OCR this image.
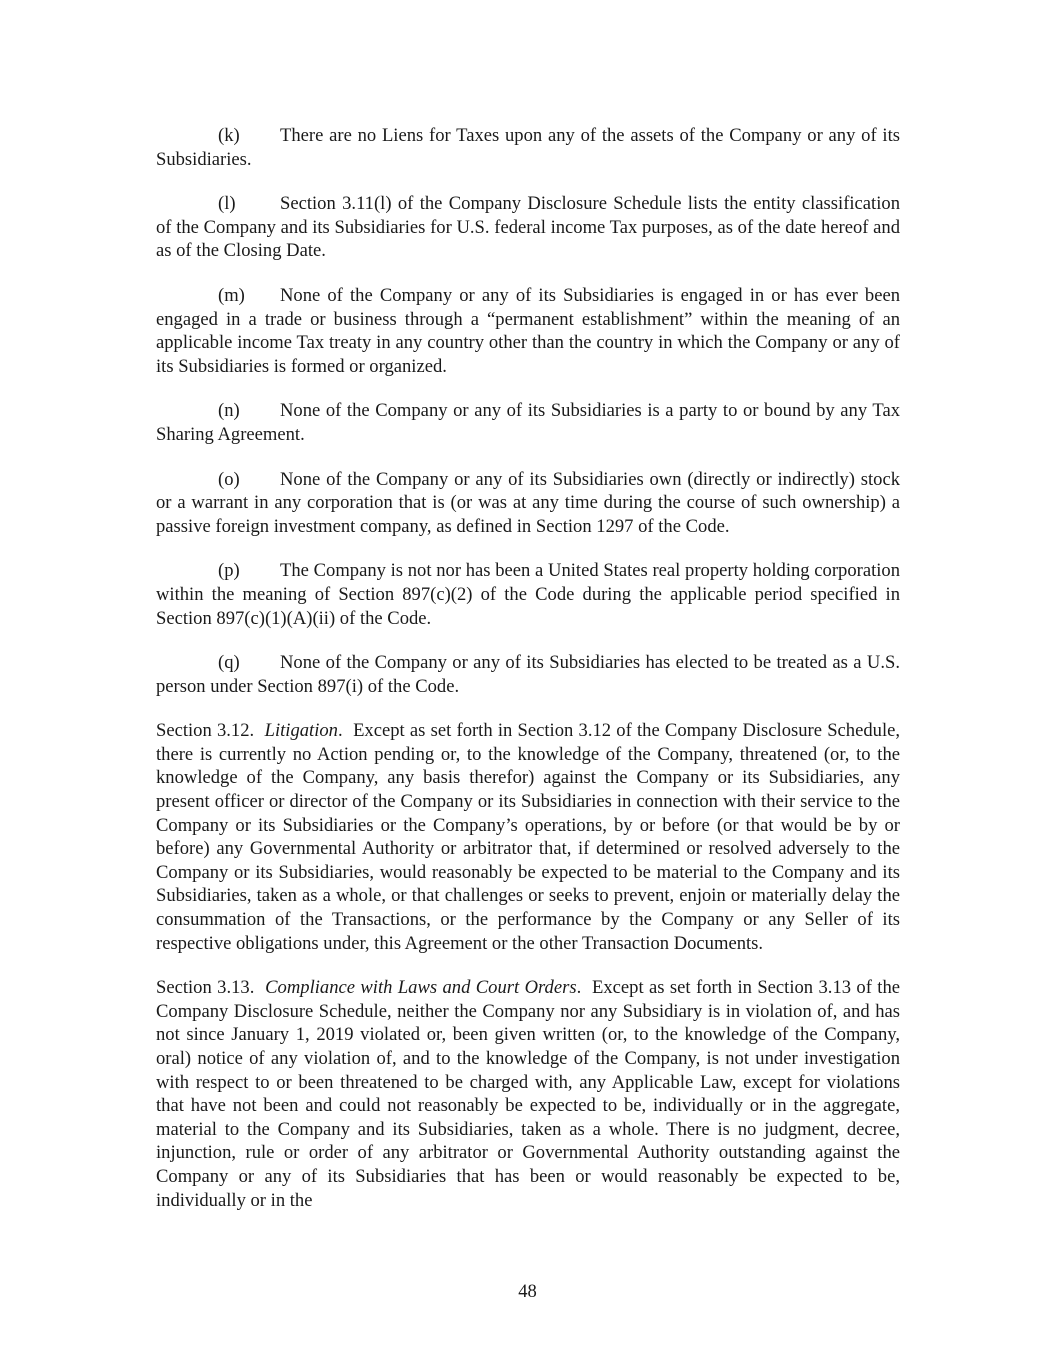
(k) There are no Liens for Taxes upon any of the assets of the Company or any of its Subsidiaries.

(l) Section 3.11(l) of the Company Disclosure Schedule lists the entity classification of the Company and its Subsidiaries for U.S. federal income Tax purposes, as of the date hereof and as of the Closing Date.

(m) None of the Company or any of its Subsidiaries is engaged in or has ever been engaged in a trade or business through a “permanent establishment” within the meaning of an applicable income Tax treaty in any country other than the country in which the Company or any of its Subsidiaries is formed or organized.

(n) None of the Company or any of its Subsidiaries is a party to or bound by any Tax Sharing Agreement.

(o) None of the Company or any of its Subsidiaries own (directly or indirectly) stock or a warrant in any corporation that is (or was at any time during the course of such ownership) a passive foreign investment company, as defined in Section 1297 of the Code.

(p) The Company is not nor has been a United States real property holding corporation within the meaning of Section 897(c)(2) of the Code during the applicable period specified in Section 897(c)(1)(A)(ii) of the Code.

(q) None of the Company or any of its Subsidiaries has elected to be treated as a U.S. person under Section 897(i) of the Code.

Section 3.12. Litigation.  Except as set forth in Section 3.12 of the Company Disclosure Schedule, there is currently no Action pending or, to the knowledge of the Company, threatened (or, to the knowledge of the Company, any basis therefor) against the Company or its Subsidiaries, any present officer or director of the Company or its Subsidiaries in connection with their service to the Company or its Subsidiaries or the Company’s operations, by or before (or that would be by or before) any Governmental Authority or arbitrator that, if determined or resolved adversely to the Company or its Subsidiaries, would reasonably be expected to be material to the Company and its Subsidiaries, taken as a whole, or that challenges or seeks to prevent, enjoin or materially delay the consummation of the Transactions, or the performance by the Company or any Seller of its respective obligations under, this Agreement or the other Transaction Documents.

Section 3.13. Compliance with Laws and Court Orders.  Except as set forth in Section 3.13 of the Company Disclosure Schedule, neither the Company nor any Subsidiary is in violation of, and has not since January 1, 2019 violated or, been given written (or, to the knowledge of the Company, oral) notice of any violation of, and to the knowledge of the Company, is not under investigation with respect to or been threatened to be charged with, any Applicable Law, except for violations that have not been and could not reasonably be expected to be, individually or in the aggregate, material to the Company and its Subsidiaries, taken as a whole. There is no judgment, decree, injunction, rule or order of any arbitrator or Governmental Authority outstanding against the Company or any of its Subsidiaries that has been or would reasonably be expected to be, individually or in the

48
